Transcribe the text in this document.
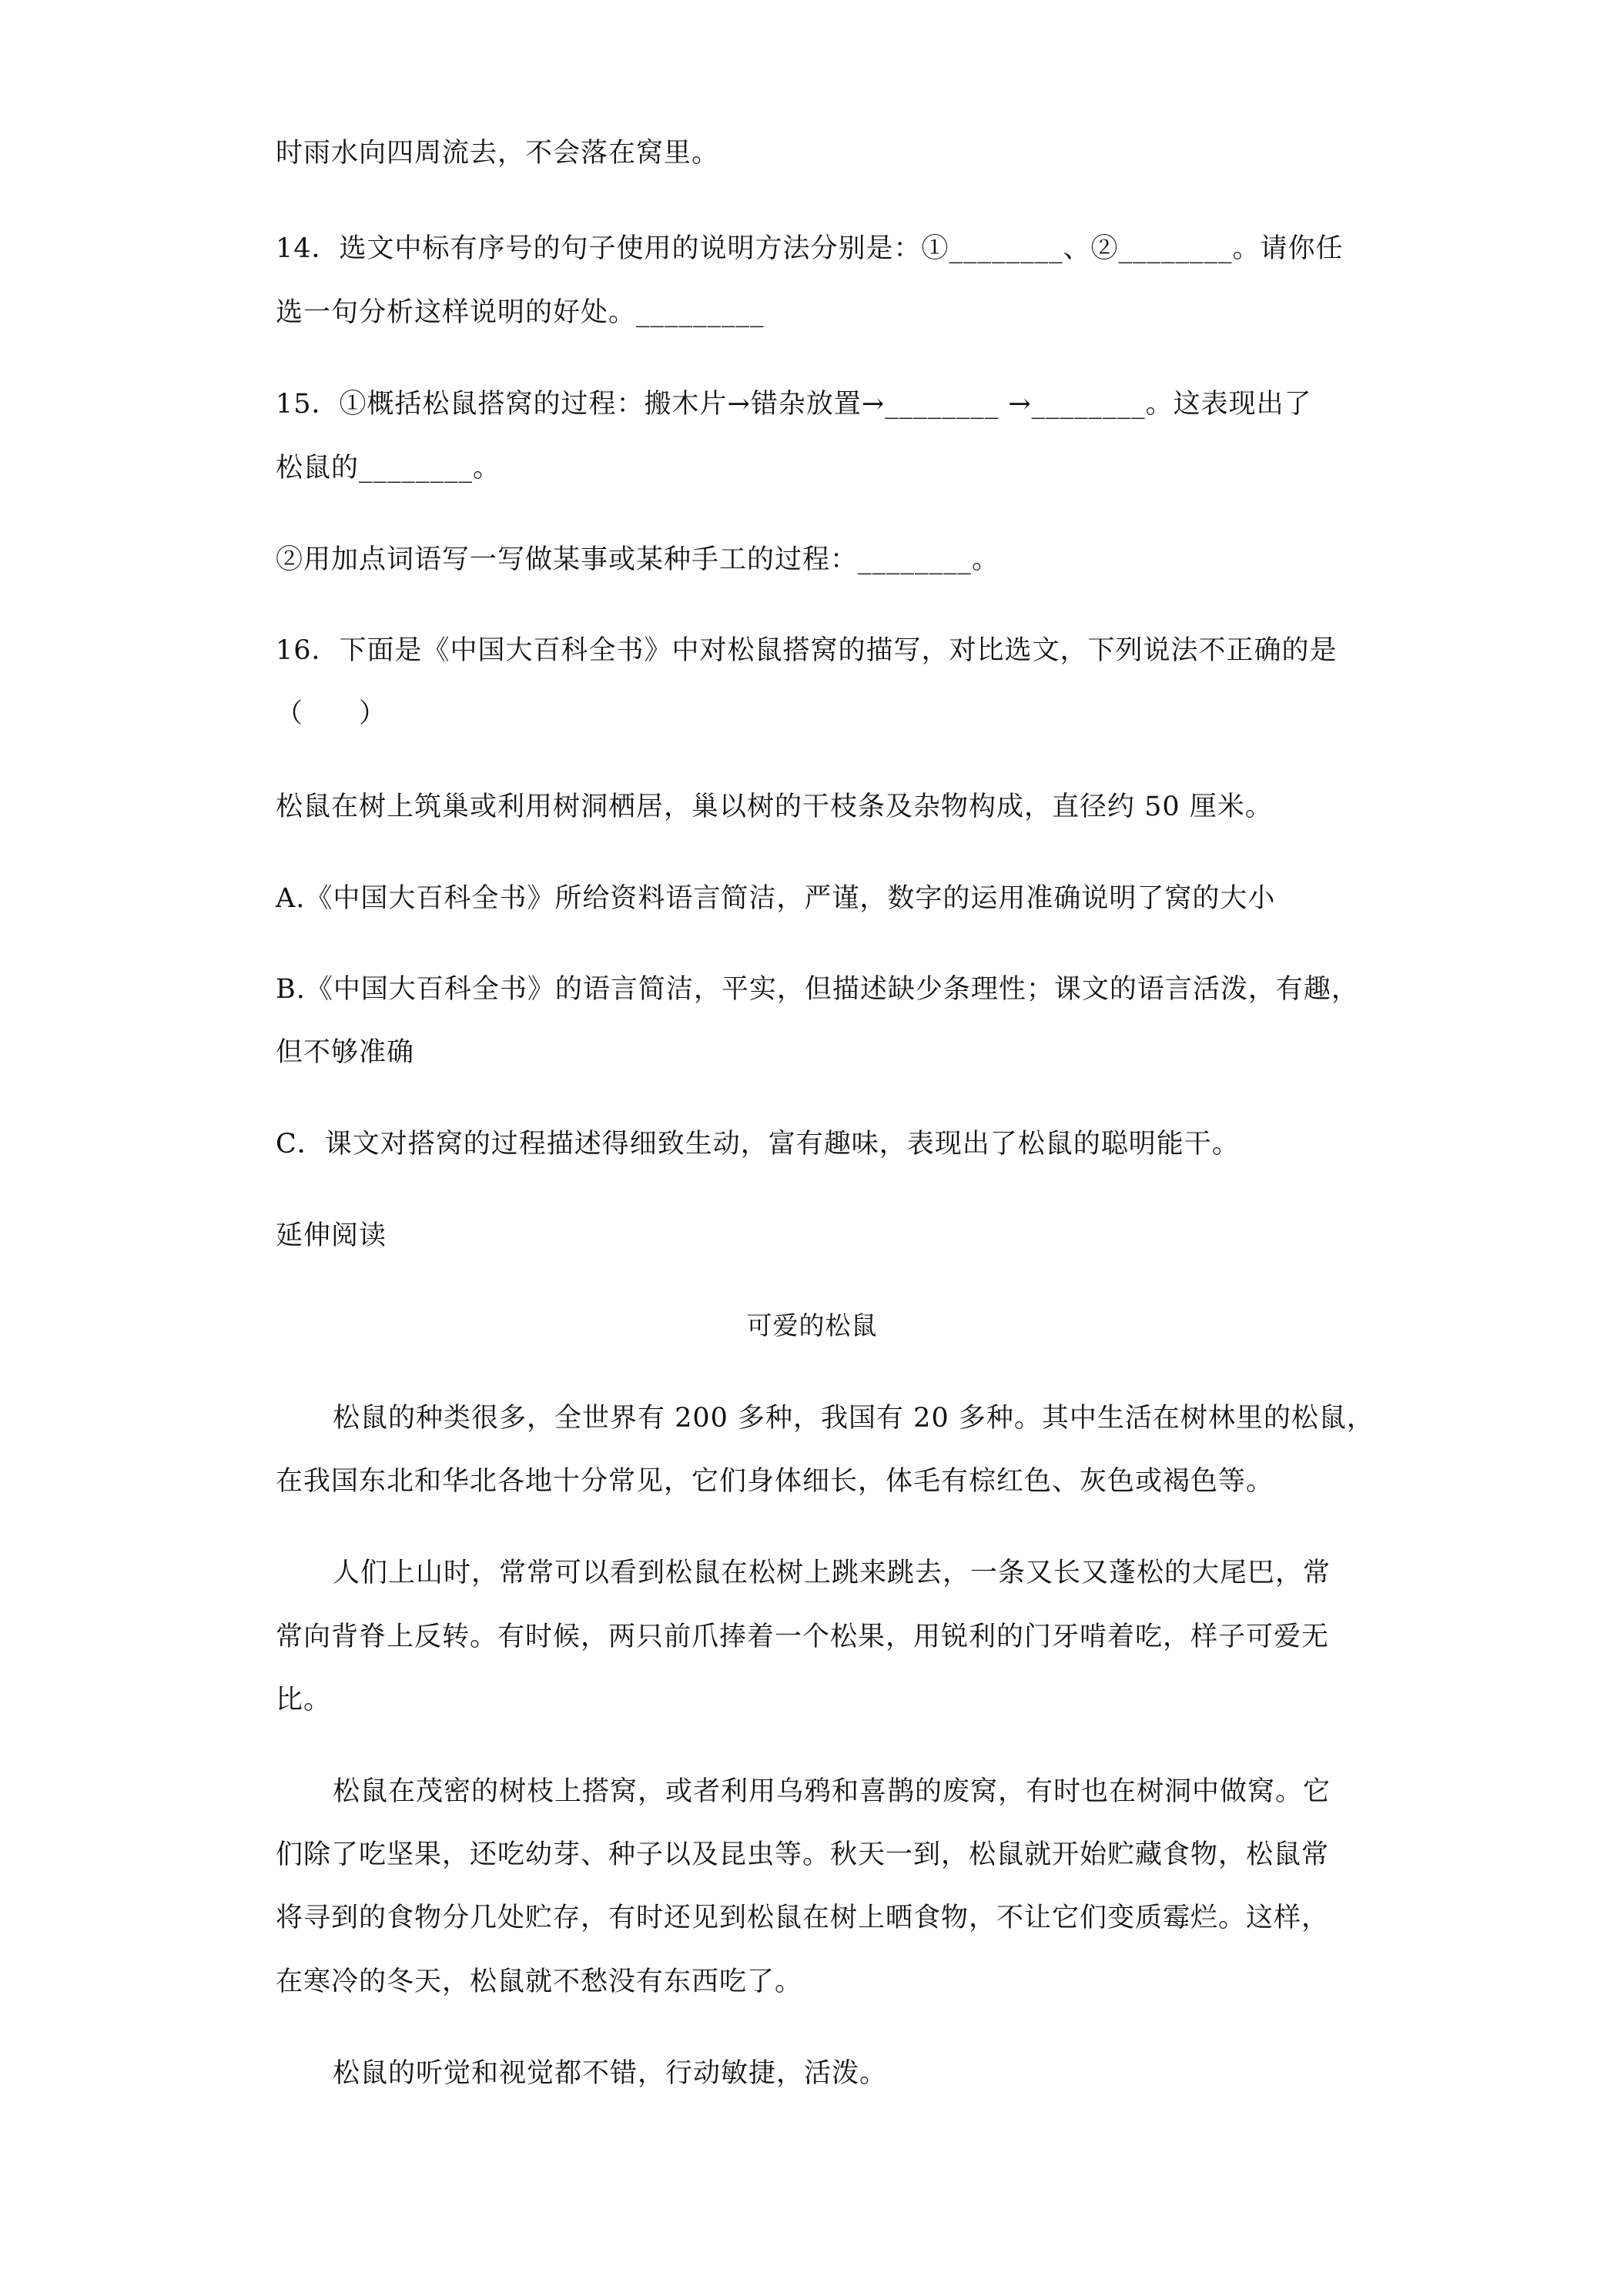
时雨水向四周流去，不会落在窝里。
14．选文中标有序号的句子使用的说明方法分别是：①________、②________。请你任
选一句分析这样说明的好处。_________
15．①概括松鼠搭窝的过程：搬木片→错杂放置→________ →________。这表现出了
松鼠的________。
②用加点词语写一写做某事或某种手工的过程：________。
16．下面是《中国大百科全书》中对松鼠搭窝的描写，对比选文，下列说法不正确的是
（　　）
松鼠在树上筑巢或利用树洞栖居，巢以树的干枝条及杂物构成，直径约 50 厘米。
A.《中国大百科全书》所给资料语言简洁，严谨，数字的运用准确说明了窝的大小
B.《中国大百科全书》的语言简洁，平实，但描述缺少条理性；课文的语言活泼，有趣，
但不够准确
C．课文对搭窝的过程描述得细致生动，富有趣味，表现出了松鼠的聪明能干。
延伸阅读
可爱的松鼠
松鼠的种类很多，全世界有 200 多种，我国有 20 多种。其中生活在树林里的松鼠，
在我国东北和华北各地十分常见，它们身体细长，体毛有棕红色、灰色或褐色等。
人们上山时，常常可以看到松鼠在松树上跳来跳去，一条又长又蓬松的大尾巴，常
常向背脊上反转。有时候，两只前爪捧着一个松果，用锐利的门牙啃着吃，样子可爱无
比。
松鼠在茂密的树枝上搭窝，或者利用乌鸦和喜鹊的废窝，有时也在树洞中做窝。它
们除了吃坚果，还吃幼芽、种子以及昆虫等。秋天一到，松鼠就开始贮藏食物，松鼠常
将寻到的食物分几处贮存，有时还见到松鼠在树上晒食物，不让它们变质霉烂。这样，
在寒冷的冬天，松鼠就不愁没有东西吃了。
松鼠的听觉和视觉都不错，行动敏捷，活泼。
